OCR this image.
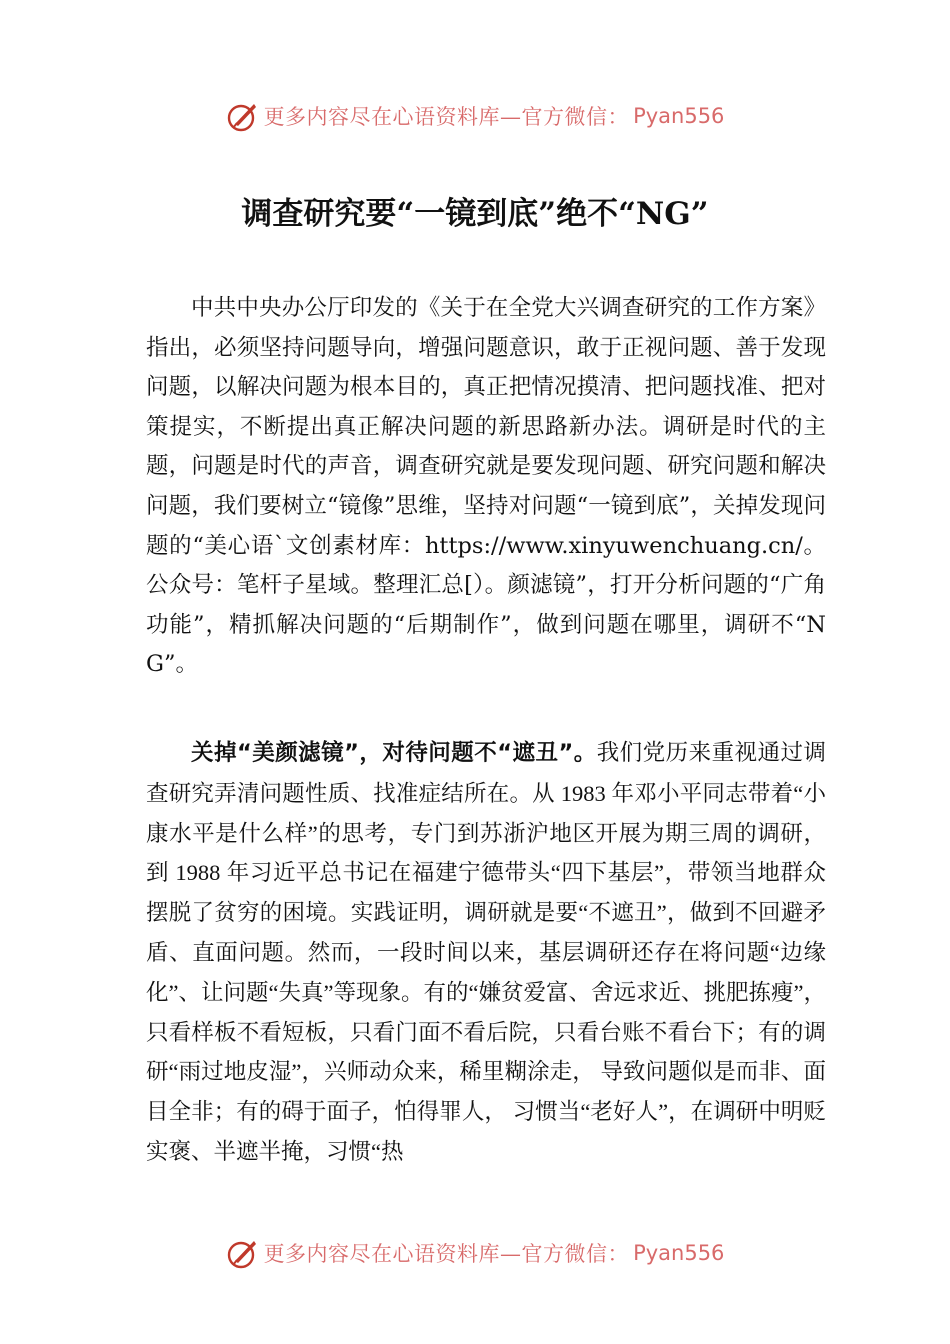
更多内容尽在心语资料库—官方微信： Pyan556
调查研究要“一镜到底”绝不“NG”

中共中央办公厅印发的《关于在全党大兴调查研究的工作方案》指出，必须坚持问题导向，增强问题意识，敢于正视问题、善于发现问题，以解决问题为根本目的，真正把情况摸清、把问题找准、把对策提实，不断提出真正解决问题的新思路新办法。调研是时代的主题，问题是时代的声音，调查研究就是要发现问题、研究问题和解决问题，我们要树立“镜像”思维，坚持对问题“一镜到底”，关掉发现问题的“美心语`文创素材库：https://www.xinyuwenchuang.cn/。公众号：笔杆子星域。整理汇总[）。颜滤镜”，打开分析问题的“广角功能”，精抓解决问题的“后期制作”，做到问题在哪里，调研不“NG”。

关掉“美颜滤镜”，对待问题不“遮丑”。我们党历来重视通过调查研究弄清问题性质、找准症结所在。从 1983 年邓小平同志带着“小康水平是什么样”的思考，专门到苏浙沪地区开展为期三周的调研，到 1988 年习近平总书记在福建宁德带头“四下基层”，带领当地群众摆脱了贫穷的困境。实践证明，调研就是要“不遮丑”，做到不回避矛盾、直面问题。然而，一段时间以来，基层调研还存在将问题“边缘化”、让问题“失真”等现象。有的“嫌贫爱富、舍远求近、挑肥拣瘦”，只看样板不看短板，只看门面不看后院，只看台账不看台下；有的调研“雨过地皮湿”，兴师动众来，稀里糊涂走， 导致问题似是而非、面目全非；有的碍于面子，怕得罪人， 习惯当“老好人”，在调研中明贬实褒、半遮半掩，习惯“热

更多内容尽在心语资料库—官方微信： Pyan556
